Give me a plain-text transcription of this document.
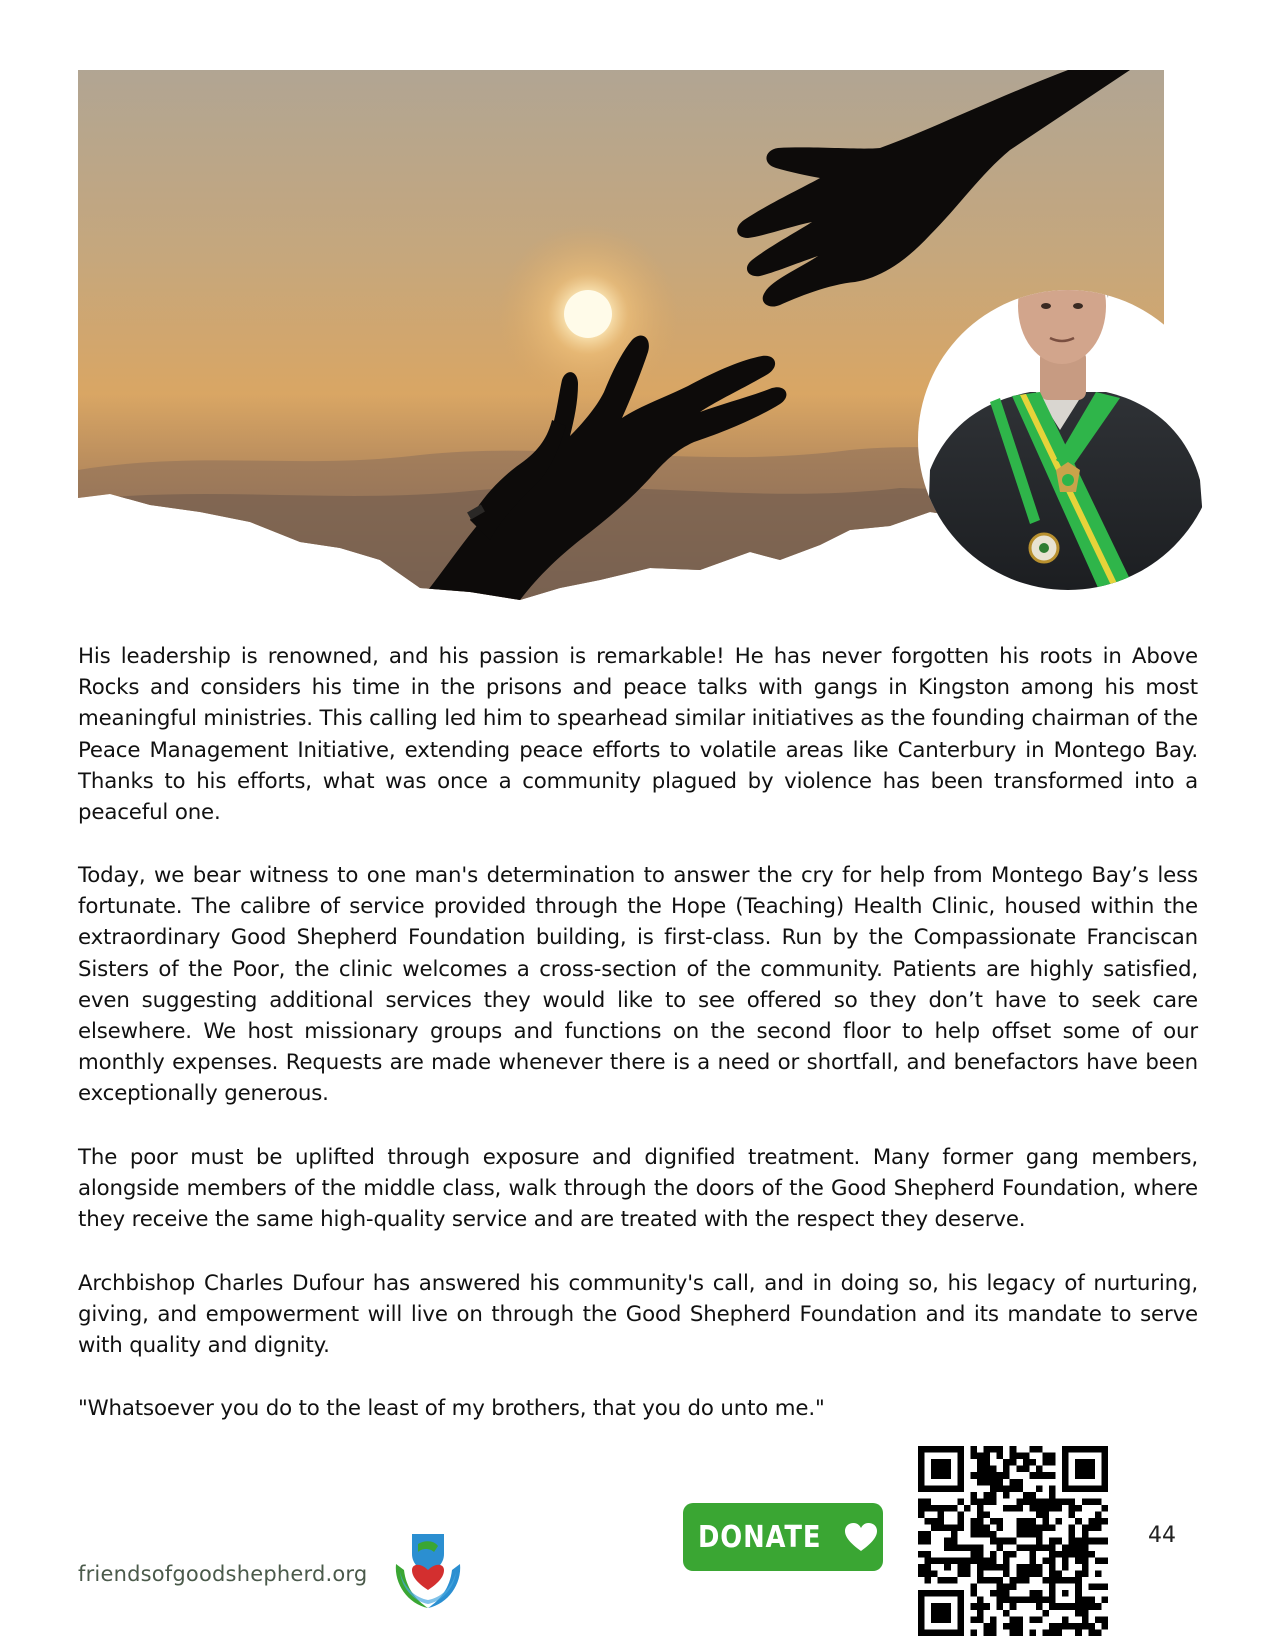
His leadership is renowned, and his passion is remarkable! He has never forgotten his roots in Above Rocks and considers his time in the prisons and peace talks with gangs in Kingston among his most meaningful ministries. This calling led him to spearhead similar initiatives as the founding chairman of the Peace Management Initiative, extending peace efforts to volatile areas like Canterbury in Montego Bay. Thanks to his efforts, what was once a community plagued by violence has been transformed into a peaceful one.

Today, we bear witness to one man's determination to answer the cry for help from Montego Bay’s less fortunate. The calibre of service provided through the Hope (Teaching) Health Clinic, housed within the extraordinary Good Shepherd Foundation building, is first-class. Run by the Compassionate Franciscan Sisters of the Poor, the clinic welcomes a cross-section of the community. Patients are highly satisfied, even suggesting additional services they would like to see offered so they don’t have to seek care elsewhere. We host missionary groups and functions on the second floor to help offset some of our monthly expenses. Requests are made whenever there is a need or shortfall, and benefactors have been exceptionally generous.

The poor must be uplifted through exposure and dignified treatment. Many former gang members, alongside members of the middle class, walk through the doors of the Good Shepherd Foundation, where they receive the same high-quality service and are treated with the respect they deserve.

Archbishop Charles Dufour has answered his community's call, and in doing so, his legacy of nurturing, giving, and empowerment will live on through the Good Shepherd Foundation and its mandate to serve with quality and dignity.

"Whatsoever you do to the least of my brothers, that you do unto me."

friendsofgoodshepherd.org
DONATE	44
